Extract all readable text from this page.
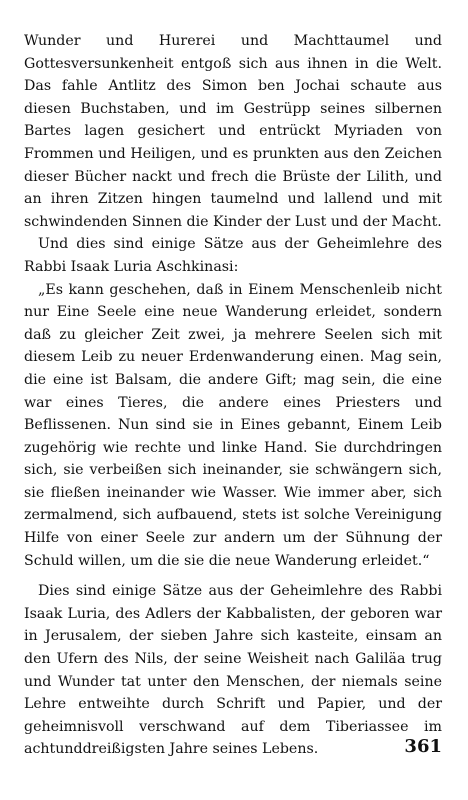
Wunder und Hurerei und Machttaumel und Gottesversunkenheit entgoß sich aus ihnen in die Welt. Das fahle Antlitz des Simon ben Jochai schaute aus diesen Buchstaben, und im Gestrüpp seines silbernen Bartes lagen gesichert und entrückt Myriaden von Frommen und Heiligen, und es prunkten aus den Zeichen dieser Bücher nackt und frech die Brüste der Lilith, und an ihren Zitzen hingen taumelnd und lallend und mit schwindenden Sinnen die Kinder der Lust und der Macht.

Und dies sind einige Sätze aus der Geheimlehre des Rabbi Isaak Luria Aschkinasi:

„Es kann geschehen, daß in Einem Menschenleib nicht nur Eine Seele eine neue Wanderung erleidet, sondern daß zu gleicher Zeit zwei, ja mehrere Seelen sich mit diesem Leib zu neuer Erdenwanderung einen. Mag sein, die eine ist Balsam, die andere Gift; mag sein, die eine war eines Tieres, die andere eines Priesters und Beflissenen. Nun sind sie in Eines gebannt, Einem Leib zugehörig wie rechte und linke Hand. Sie durchdringen sich, sie verbeißen sich ineinander, sie schwängern sich, sie fließen ineinander wie Wasser. Wie immer aber, sich zermalmend, sich aufbauend, stets ist solche Vereinigung Hilfe von einer Seele zur andern um der Sühnung der Schuld willen, um die sie die neue Wanderung erleidet.“

Dies sind einige Sätze aus der Geheimlehre des Rabbi Isaak Luria, des Adlers der Kabbalisten, der geboren war in Jerusalem, der sieben Jahre sich kasteite, einsam an den Ufern des Nils, der seine Weisheit nach Galiläa trug und Wunder tat unter den Menschen, der niemals seine Lehre entweihte durch Schrift und Papier, und der geheimnisvoll verschwand auf dem Tiberiassee im achtunddreißigsten Jahre seines Lebens.	361
